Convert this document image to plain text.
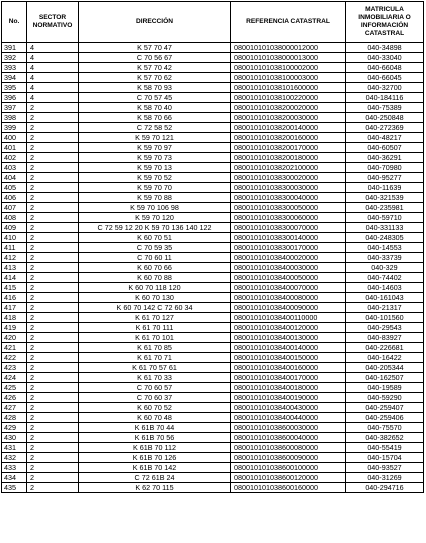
No.	SECTOR NORMATIVO	DIRECCIÓN	REFERENCIA CATASTRAL	MATRICULA INMOBILIARIA O INFORMACIÓN CATASTRAL
391	4	K 57 70 47	080010101038000012000	040-34898
392	4	C 70 56 67	080010101038000013000	040-33040
393	4	K 57 70 42	080010101038100002000	040-66048
394	4	K 57 70 62	080010101038100003000	040-66045
395	4	K 58 70 93	080010101038101600000	040-32700
396	4	C 70 57 45	080010101038100220000	040-184116
397	2	K 58 70 40	080010101038200020000	040-75389
398	2	K 58 70 66	080010101038200030000	040-250848
399	2	C 72 58 52	080010101038200140000	040-272369
400	2	K 59 70 121	080010101038200160000	040-48217
401	2	K 59 70 97	080010101038200170000	040-60507
402	2	K 59 70 73	080010101038200180000	040-36291
403	2	K 59 70 13	080010101038202100000	040-70980
404	2	K 59 70 52	080010101038300020000	040-95277
405	2	K 59 70 70	080010101038300030000	040-11639
406	2	K 59 70 88	080010101038300040000	040-321539
407	2	K 59 70 106 98	080010101038300050000	040-235981
408	2	K 59 70 120	080010101038300060000	040-59710
409	2	C 72 59 12 20 K 59 70 136 140 122	080010101038300070000	040-331133
410	2	K 60 70 51	080010101038300140000	040-248305
411	2	C 70 59 35	080010101038300170000	040-14553
412	2	C 70 60 11	080010101038400020000	040-33739
413	2	K 60 70 66	080010101038400030000	040-329
414	2	K 60 70 88	080010101038400050000	040-74402
415	2	K 60 70 118 120	080010101038400070000	040-14603
416	2	K 60 70 130	080010101038400080000	040-161043
417	2	K 60 70 142 C 72 60 34	080010101038400090000	040-21317
418	2	K 61 70 127	080010101038400110000	040-101560
419	2	K 61 70 111	080010101038400120000	040-29543
420	2	K 61 70 101	080010101038400130000	040-83927
421	2	K 61 70 85	080010101038400140000	040-226681
422	2	K 61 70 71	080010101038400150000	040-16422
423	2	K 61 70 57 61	080010101038400160000	040-205344
424	2	K 61 70 33	080010101038400170000	040-162507
425	2	C 70 60 57	080010101038400180000	040-19589
426	2	C 70 60 37	080010101038400190000	040-59290
427	2	K 60 70 52	080010101038400430000	040-259407
428	2	K 60 70 48	080010101038400440000	040-259406
429	2	K 61B 70 44	080010101038600030000	040-75570
430	2	K 61B 70 56	080010101038600040000	040-382652
431	2	K 61B 70 112	080010101038600080000	040-55419
432	2	K 61B 70 126	080010101038600090000	040-15704
433	2	K 61B 70 142	080010101038600100000	040-93527
434	2	C 72 61B 24	080010101038600120000	040-31269
435	2	K 62 70 115	080010101038600160000	040-294716
